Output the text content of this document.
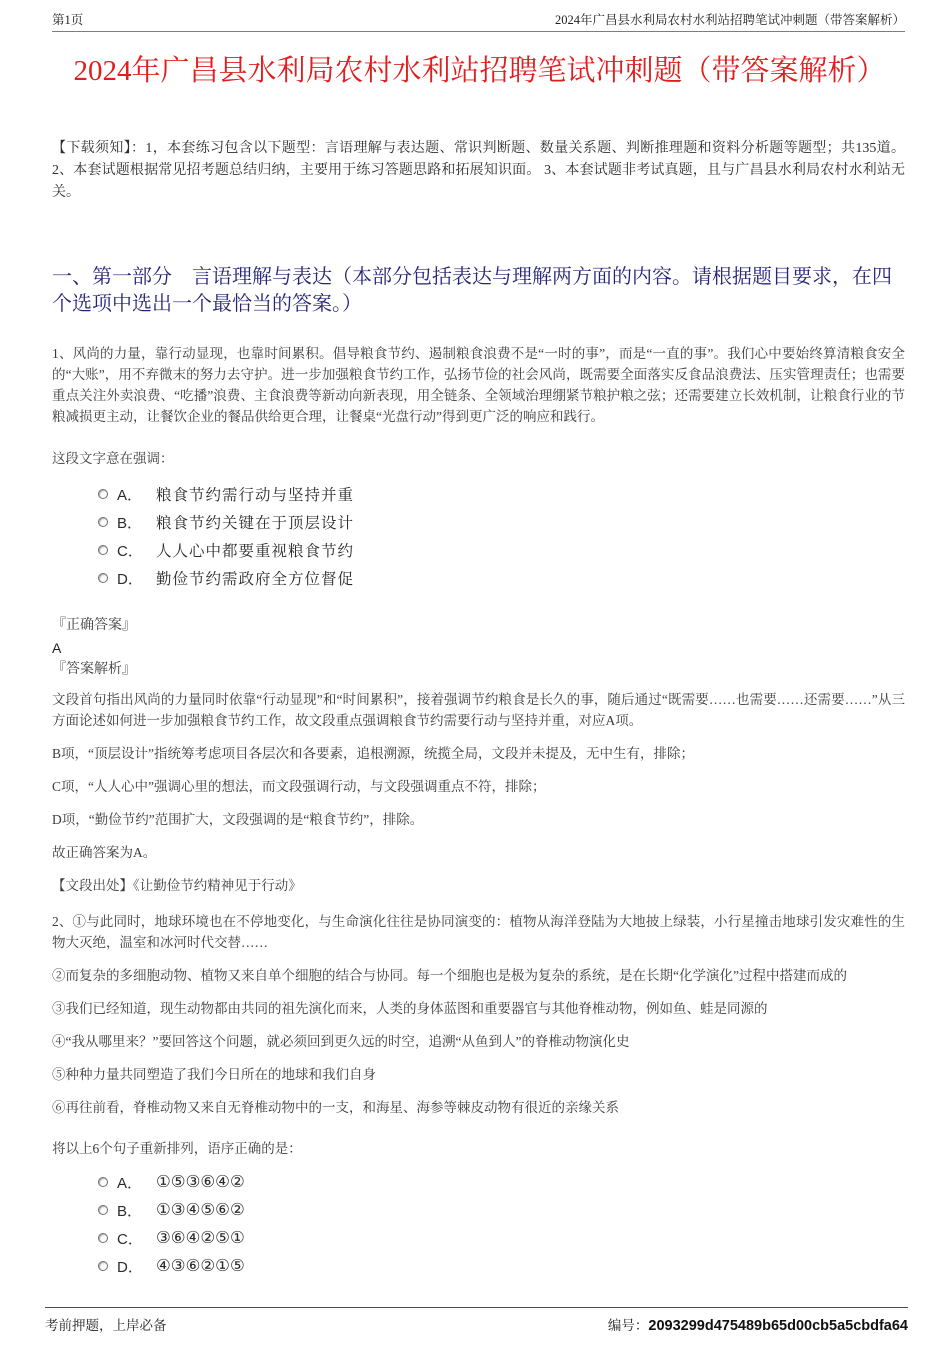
第1页	2024年广昌县水利局农村水利站招聘笔试冲刺题（带答案解析）
2024年广昌县水利局农村水利站招聘笔试冲刺题（带答案解析）

【下载须知】：1，本套练习包含以下题型：言语理解与表达题、常识判断题、数量关系题、判断推理题和资料分析题等题型；共135道。 2、本套试题根据常见招考题总结归纳，主要用于练习答题思路和拓展知识面。 3、本套试题非考试真题，且与广昌县水利局农村水利站无关。

一、第一部分　言语理解与表达（本部分包括表达与理解两方面的内容。请根据题目要求，在四个选项中选出一个最恰当的答案。）

1、风尚的力量，靠行动显现，也靠时间累积。倡导粮食节约、遏制粮食浪费不是“一时的事”，而是“一直的事”。我们心中要始终算清粮食安全的“大账”，用不弃微末的努力去守护。进一步加强粮食节约工作，弘扬节俭的社会风尚，既需要全面落实反食品浪费法、压实管理责任；也需要重点关注外卖浪费、“吃播”浪费、主食浪费等新动向新表现，用全链条、全领域治理绷紧节粮护粮之弦；还需要建立长效机制，让粮食行业的节粮减损更主动，让餐饮企业的餐品供给更合理，让餐桌“光盘行动”得到更广泛的响应和践行。

这段文字意在强调：

A． 粮食节约需行动与坚持并重
B． 粮食节约关键在于顶层设计
C． 人人心中都要重视粮食节约
D． 勤俭节约需政府全方位督促

『正确答案』

A

『答案解析』

文段首句指出风尚的力量同时依靠“行动显现”和“时间累积”，接着强调节约粮食是长久的事，随后通过“既需要……也需要……还需要……”从三方面论述如何进一步加强粮食节约工作，故文段重点强调粮食节约需要行动与坚持并重，对应A项。

B项，“顶层设计”指统筹考虑项目各层次和各要素，追根溯源，统揽全局，文段并未提及，无中生有，排除；

C项，“人人心中”强调心里的想法，而文段强调行动，与文段强调重点不符，排除；

D项，“勤俭节约”范围扩大，文段强调的是“粮食节约”，排除。

故正确答案为A。

【文段出处】《让勤俭节约精神见于行动》

2、①与此同时，地球环境也在不停地变化，与生命演化往往是协同演变的：植物从海洋登陆为大地披上绿装，小行星撞击地球引发灾难性的生物大灭绝，温室和冰河时代交替……

②而复杂的多细胞动物、植物又来自单个细胞的结合与协同。每一个细胞也是极为复杂的系统，是在长期“化学演化”过程中搭建而成的

③我们已经知道，现生动物都由共同的祖先演化而来，人类的身体蓝图和重要器官与其他脊椎动物，例如鱼、蛙是同源的

④“我从哪里来？”要回答这个问题，就必须回到更久远的时空，追溯“从鱼到人”的脊椎动物演化史

⑤种种力量共同塑造了我们今日所在的地球和我们自身

⑥再往前看，脊椎动物又来自无脊椎动物中的一支，和海星、海参等棘皮动物有很近的亲缘关系

将以上6个句子重新排列，语序正确的是：

A． ①⑤③⑥④②
B． ①③④⑤⑥②
C． ③⑥④②⑤①
D． ④③⑥②①⑤
考前押题，上岸必备	编号：2093299d475489b65d00cb5a5cbdfa64
